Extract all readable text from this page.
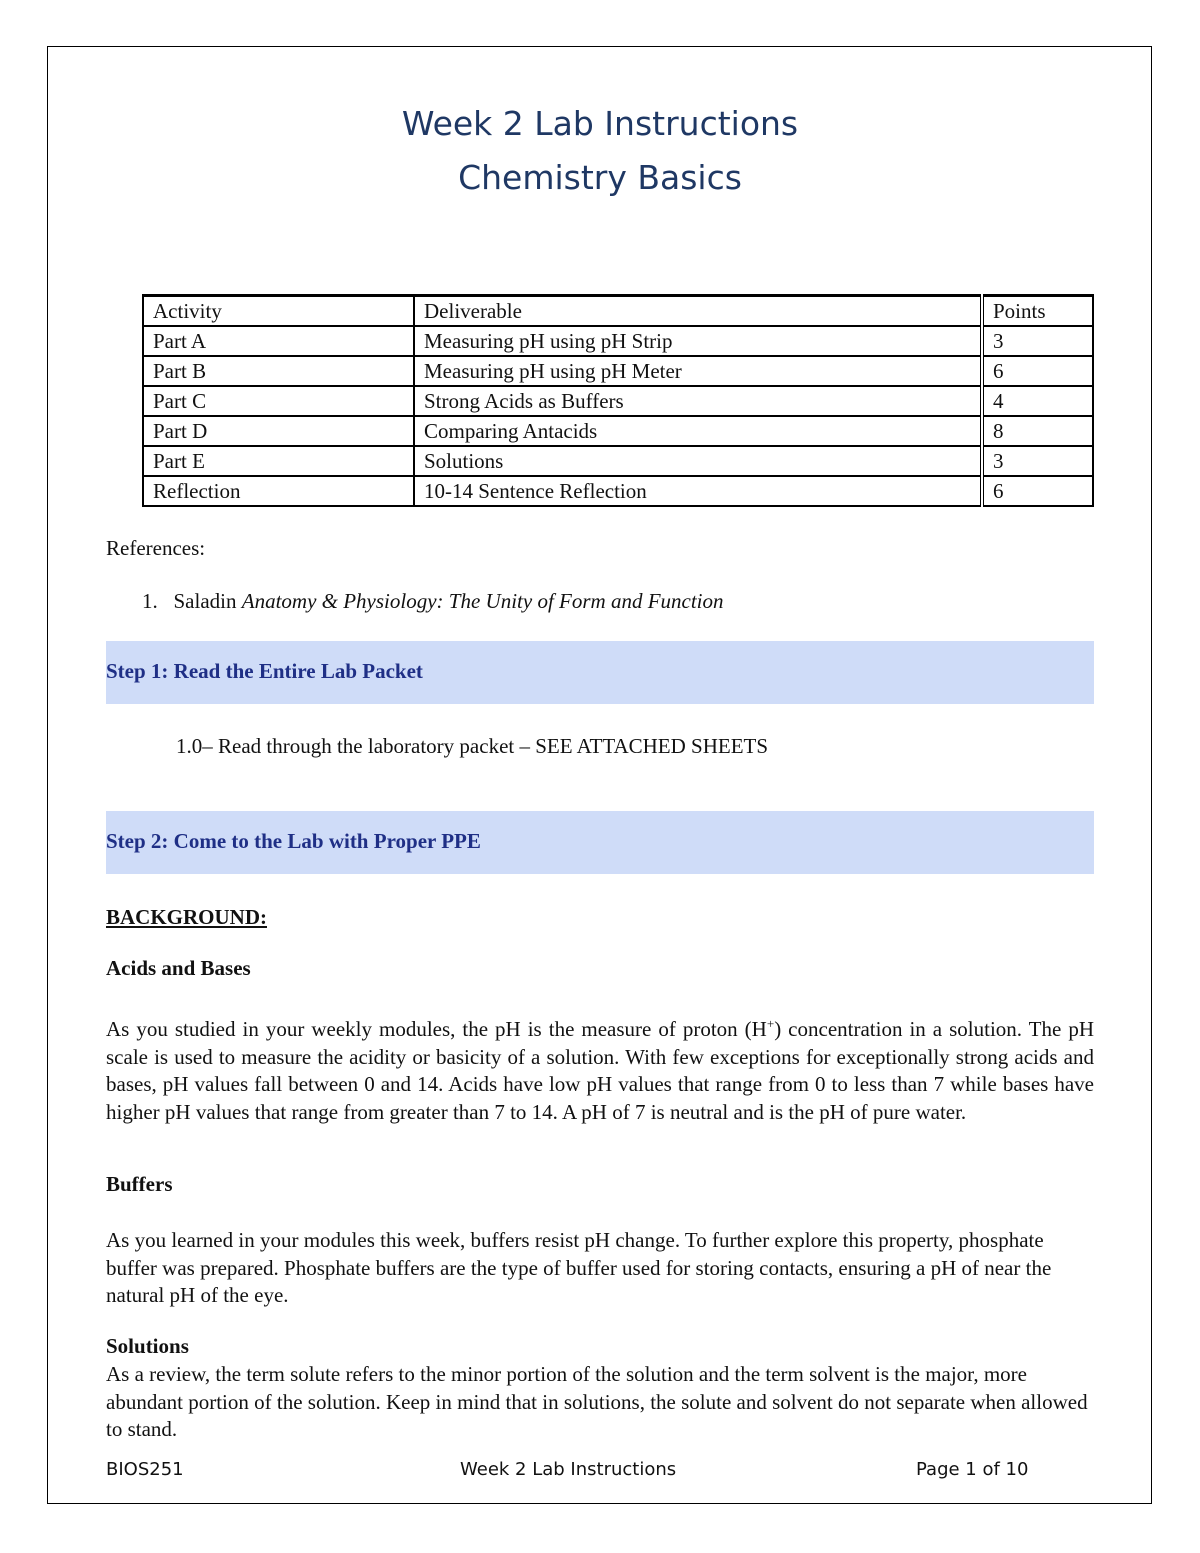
Week 2 Lab Instructions
Chemistry Basics
Activity	Deliverable	Points
Part A	Measuring pH using pH Strip	3
Part B	Measuring pH using pH Meter	6
Part C	Strong Acids as Buffers	4
Part D	Comparing Antacids	8
Part E	Solutions	3
Reflection	10-14 Sentence Reflection	6
References:
1. Saladin Anatomy & Physiology: The Unity of Form and Function
Step 1: Read the Entire Lab Packet
1.0– Read through the laboratory packet – SEE ATTACHED SHEETS
Step 2: Come to the Lab with Proper PPE
BACKGROUND:
Acids and Bases
As you studied in your weekly modules, the pH is the measure of proton (H+) concentration in a solution. The pH scale is used to measure the acidity or basicity of a solution. With few exceptions for exceptionally strong acids and bases, pH values fall between 0 and 14. Acids have low pH values that range from 0 to less than 7 while bases have higher pH values that range from greater than 7 to 14. A pH of 7 is neutral and is the pH of pure water.
Buffers
As you learned in your modules this week, buffers resist pH change. To further explore this property, phosphate buffer was prepared. Phosphate buffers are the type of buffer used for storing contacts, ensuring a pH of near the natural pH of the eye.
Solutions
As a review, the term solute refers to the minor portion of the solution and the term solvent is the major, more abundant portion of the solution. Keep in mind that in solutions, the solute and solvent do not separate when allowed to stand.
BIOS251	Week 2 Lab Instructions	Page 1 of 10
